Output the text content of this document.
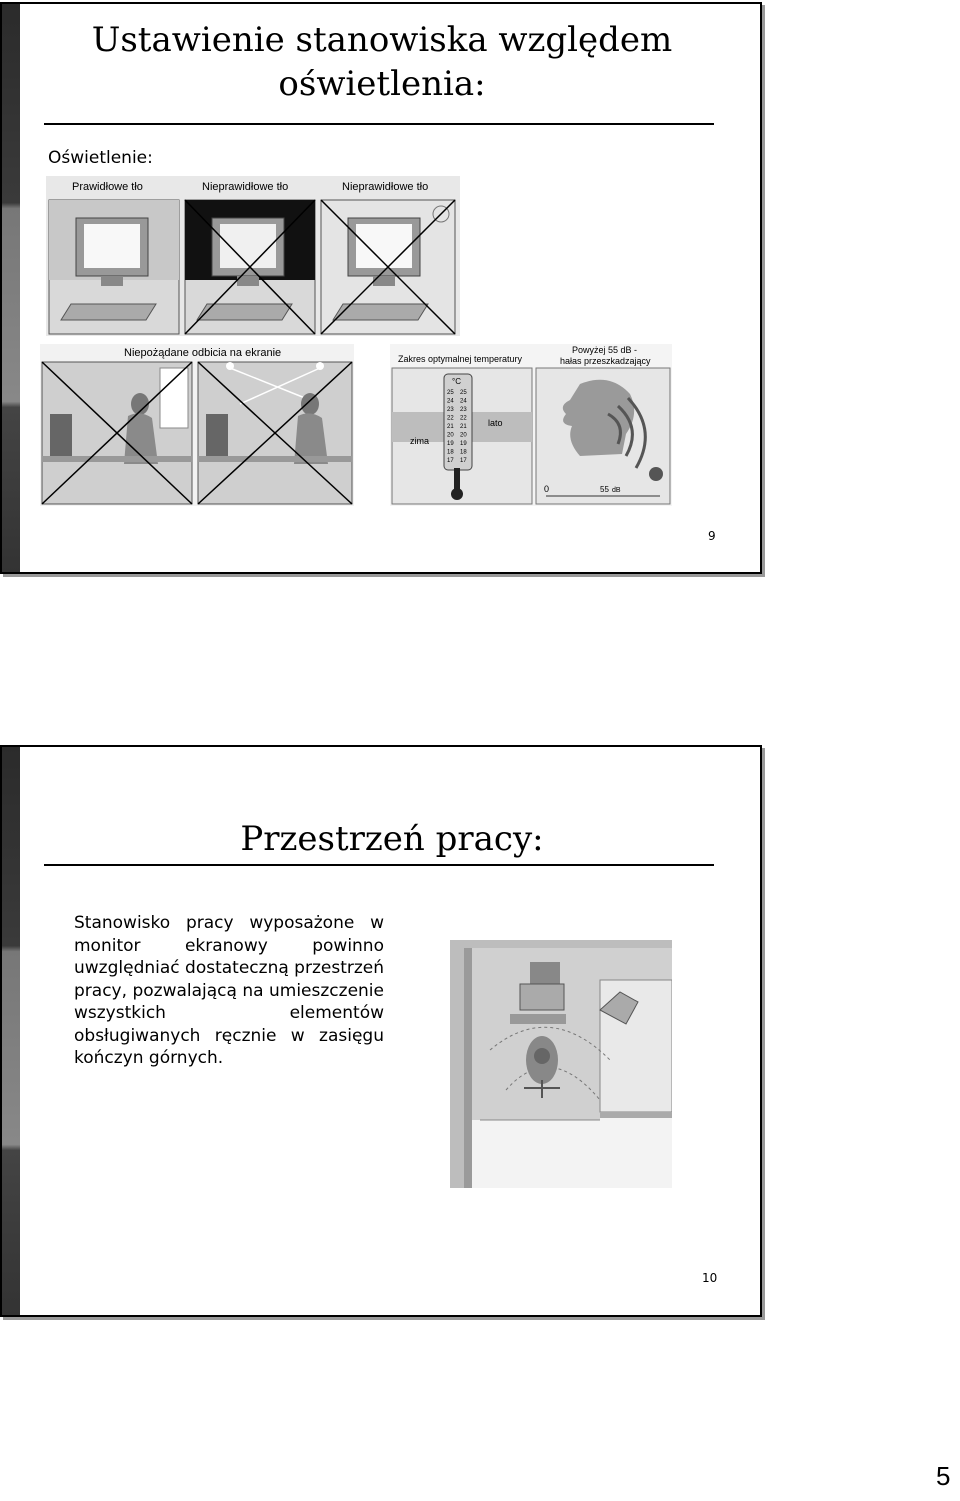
Ustawienie stanowiska względem
oświetlenia:
Oświetlenie:
Prawidłowe tło	Nieprawidłowe tło	Nieprawidłowe tło
Niepożądane odbicia na ekranie	Zakres optymalnej temperatury
Powyżej 55 dB -
hałas przeszkadzający
zima
lato
°C
25
24
23
22
21
20
19
18
17
25
24
23
22
21
20
19
18
17
0	55 dB
9
Przestrzeń pracy:
Stanowisko pracy wyposażone w monitor ekranowy powinno uwzględniać dostateczną przestrzeń pracy, pozwalającą na umieszczenie wszystkich elementów obsługiwanych ręcznie w zasięgu kończyn górnych.
10
5
